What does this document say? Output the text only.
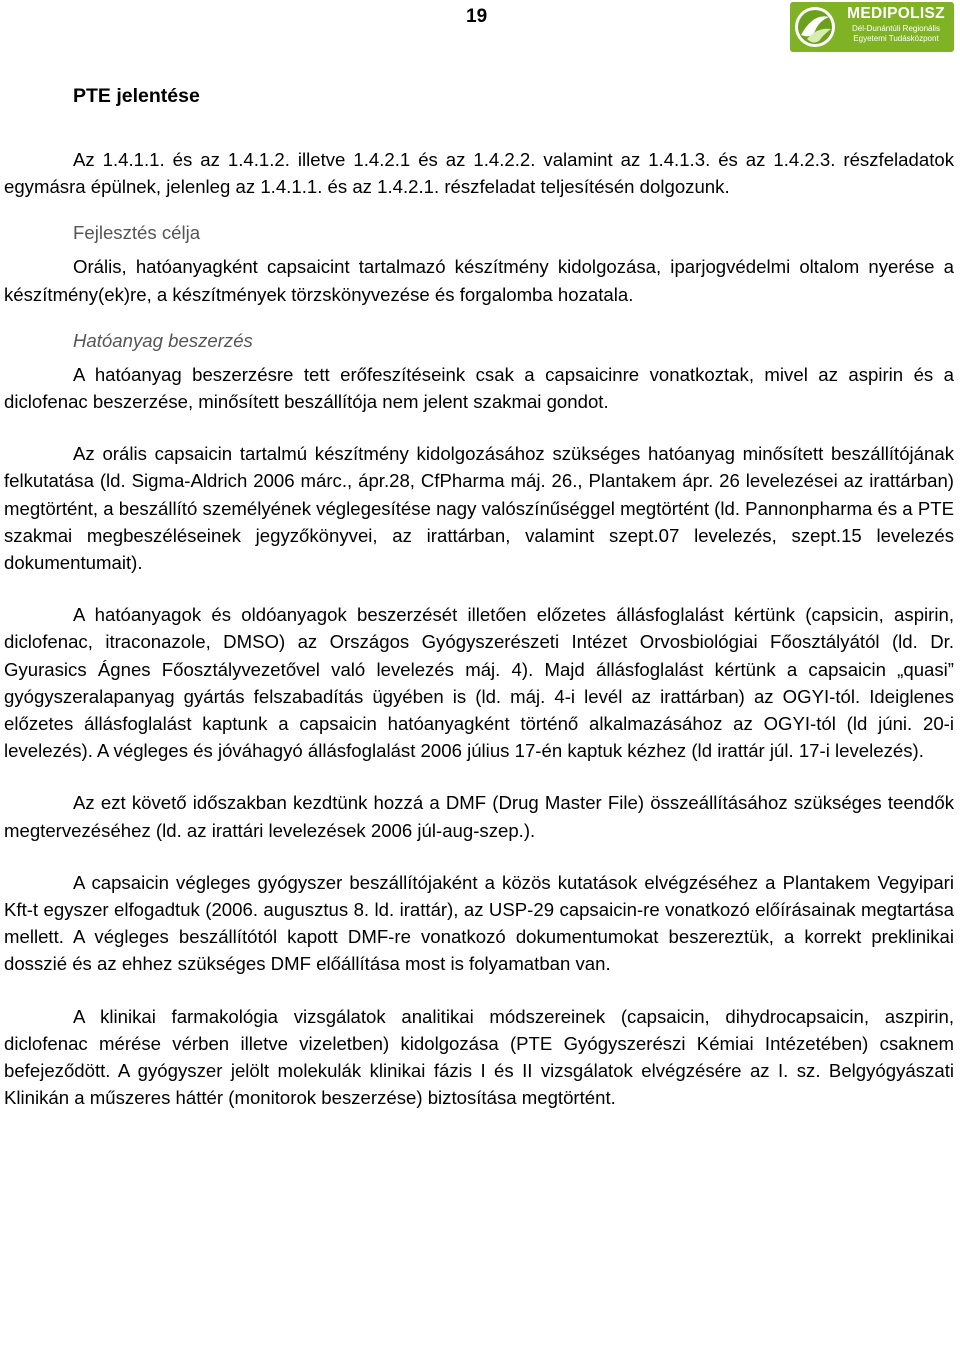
19	MEDIPOLISZ
Dél-Dunántúli Regionális
Egyetemi Tudásközpont
PTE jelentése

Az 1.4.1.1. és az 1.4.1.2. illetve 1.4.2.1 és az 1.4.2.2. valamint az 1.4.1.3. és az 1.4.2.3. részfeladatok egymásra épülnek, jelenleg az 1.4.1.1. és az 1.4.2.1. részfeladat teljesítésén dolgozunk.

Fejlesztés célja

Orális, hatóanyagként capsaicint tartalmazó készítmény kidolgozása, iparjogvédelmi oltalom nyerése a készítmény(ek)re, a készítmények törzskönyvezése és forgalomba hozatala.

Hatóanyag beszerzés

A hatóanyag beszerzésre tett erőfeszítéseink csak a capsaicinre vonatkoztak, mivel az aspirin és a diclofenac beszerzése, minősített beszállítója nem jelent szakmai gondot.

Az orális capsaicin tartalmú készítmény kidolgozásához szükséges hatóanyag minősített beszállítójának felkutatása (ld. Sigma-Aldrich 2006 márc., ápr.28, CfPharma máj. 26., Plantakem ápr. 26 levelezései az irattárban) megtörtént, a beszállító személyének véglegesítése nagy valószínűséggel megtörtént (ld. Pannonpharma és a PTE szakmai megbeszéléseinek jegyzőkönyvei, az irattárban, valamint szept.07 levelezés, szept.15 levelezés dokumentumait).

A hatóanyagok és oldóanyagok beszerzését illetően előzetes állásfoglalást kértünk (capsicin, aspirin, diclofenac, itraconazole, DMSO) az Országos Gyógyszerészeti Intézet Orvosbiológiai Főosztályától (ld. Dr. Gyurasics Ágnes Főosztályvezetővel való levelezés máj. 4). Majd állásfoglalást kértünk a capsaicin „quasi” gyógyszeralapanyag gyártás felszabadítás ügyében is (ld. máj. 4-i levél az irattárban) az OGYI-tól. Ideiglenes előzetes állásfoglalást kaptunk a capsaicin hatóanyagként történő alkalmazásához az OGYI-tól (ld júni. 20-i levelezés). A végleges és jóváhagyó állásfoglalást 2006 július 17-én kaptuk kézhez (ld irattár júl. 17-i levelezés).

Az ezt követő időszakban kezdtünk hozzá a DMF (Drug Master File) összeállításához szükséges teendők megtervezéséhez (ld. az irattári levelezések 2006 júl-aug-szep.).

A capsaicin végleges gyógyszer beszállítójaként a közös kutatások elvégzéséhez a Plantakem Vegyipari Kft-t egyszer elfogadtuk (2006. augusztus 8. ld. irattár), az USP-29 capsaicin-re vonatkozó előírásainak megtartása mellett. A végleges beszállítótól kapott DMF-re vonatkozó dokumentumokat beszereztük, a korrekt preklinikai dosszié és az ehhez szükséges DMF előállítása most is folyamatban van.

A klinikai farmakológia vizsgálatok analitikai módszereinek (capsaicin, dihydrocapsaicin, aszpirin, diclofenac mérése vérben illetve vizeletben) kidolgozása (PTE Gyógyszerészi Kémiai Intézetében) csaknem befejeződött. A gyógyszer jelölt molekulák klinikai fázis I és II vizsgálatok elvégzésére az I. sz. Belgyógyászati Klinikán a műszeres háttér (monitorok beszerzése) biztosítása megtörtént.
